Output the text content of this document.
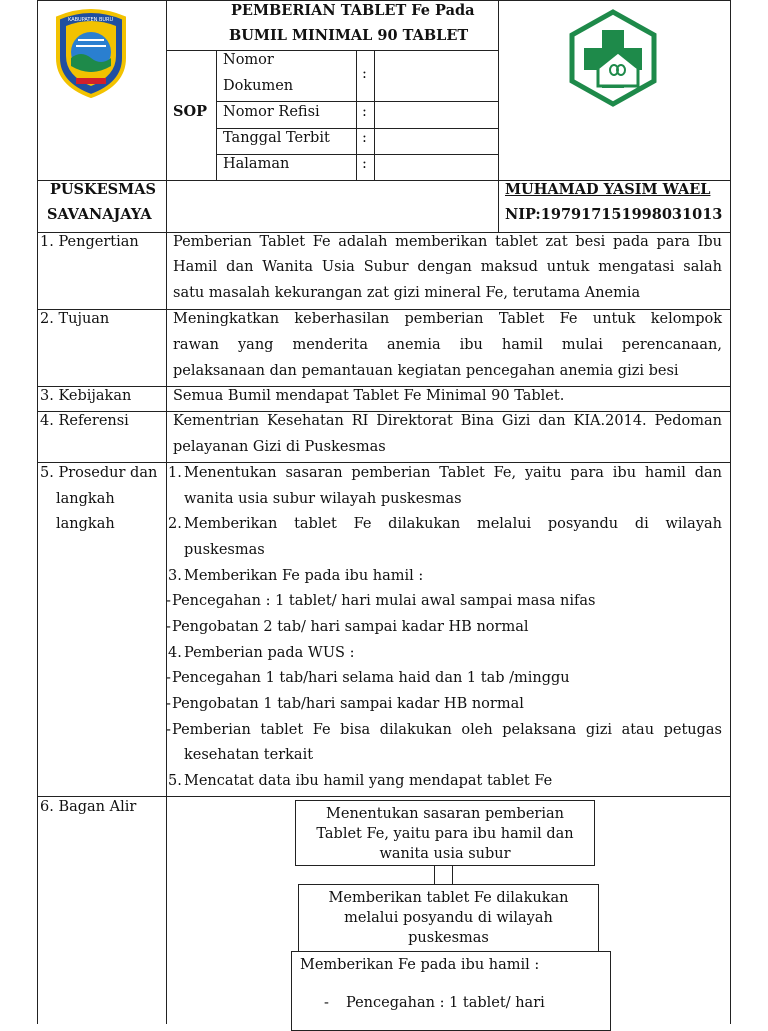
KABUPATEN BURU
PEMBERIAN TABLET Fe Pada
BUMIL MINIMAL 90 TABLET
SOP
Nomor
Dokumen
:
Nomor Refisi	:
Tanggal Terbit :
Halaman	:
PUSKESMAS
SAVANAJAYA
MUHAMAD YASIM WAEL
NIP:197917151998031013
1. Pengertian Pemberian Tablet Fe adalah memberikan tablet zat besi pada para Ibu
Hamil dan Wanita Usia Subur dengan maksud untuk mengatasi salah
satu masalah kekurangan zat gizi mineral Fe, terutama Anemia
2. Tujuan	Meningkatkan keberhasilan pemberian Tablet Fe untuk kelompok
rawan yang menderita anemia ibu hamil mulai perencanaan,
pelaksanaan dan pemantauan kegiatan pencegahan anemia gizi besi
3. Kebijakan	Semua Bumil mendapat Tablet Fe Minimal 90 Tablet.
4. Referensi	Kementrian Kesehatan RI Direktorat Bina Gizi dan KIA.2014. Pedoman
pelayanan Gizi di Puskesmas
5. Prosedur dan
langkah
langkah
1. Menentukan sasaran pemberian Tablet Fe, yaitu para ibu hamil dan
wanita usia subur wilayah puskesmas
2. Memberikan tablet Fe dilakukan melalui posyandu di wilayah
puskesmas
3. Memberikan Fe pada ibu hamil :
- Pencegahan : 1 tablet/ hari mulai awal sampai masa nifas
- Pengobatan 2 tab/ hari sampai kadar HB normal
4. Pemberian pada WUS :
- Pencegahan 1 tab/hari selama haid dan 1 tab /minggu
- Pengobatan 1 tab/hari sampai kadar HB normal
- Pemberian tablet Fe bisa dilakukan oleh pelaksana gizi atau petugas
kesehatan terkait
5. Mencatat data ibu hamil yang mendapat tablet Fe
6. Bagan Alir	Menentukan sasaran pemberian
Tablet Fe, yaitu para ibu hamil dan
wanita usia subur
Memberikan tablet Fe dilakukan
melalui posyandu di wilayah
puskesmas
Memberikan Fe pada ibu hamil :
- Pencegahan : 1 tablet/ hari
